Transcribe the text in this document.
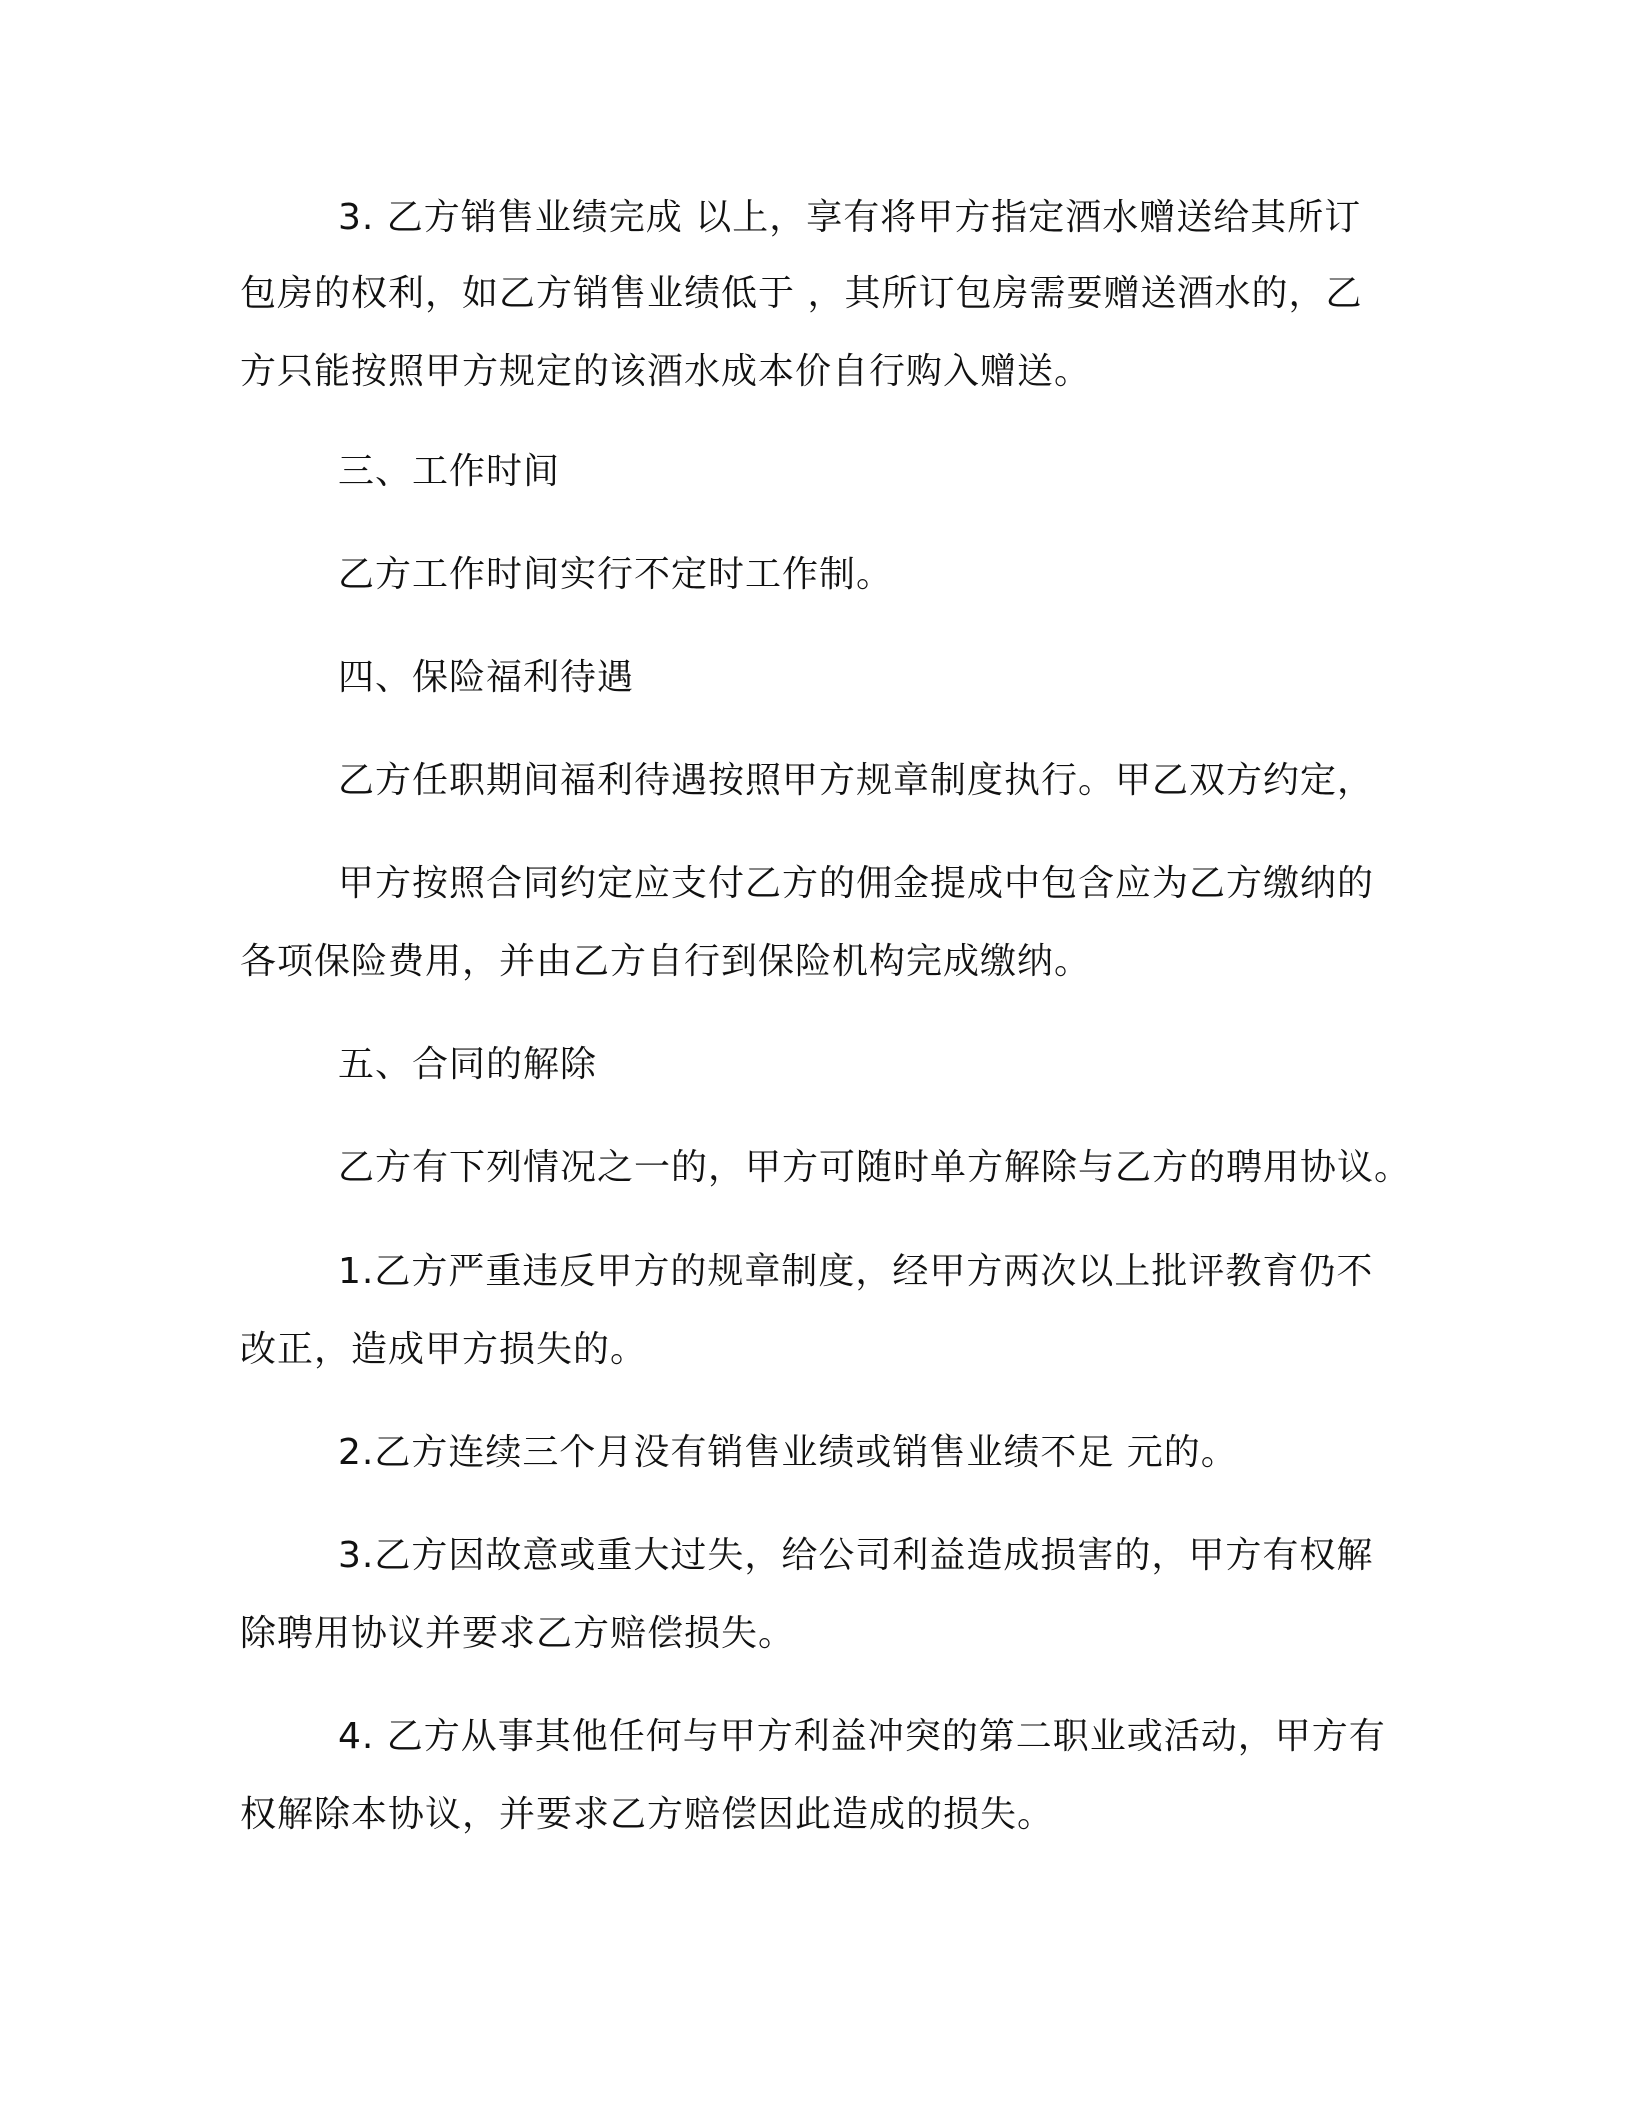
3. 乙方销售业绩完成 以上，享有将甲方指定酒水赠送给其所订
包房的权利，如乙方销售业绩低于 ，其所订包房需要赠送酒水的，乙
方只能按照甲方规定的该酒水成本价自行购入赠送。
三、工作时间
乙方工作时间实行不定时工作制。
四、保险福利待遇
乙方任职期间福利待遇按照甲方规章制度执行。甲乙双方约定，
甲方按照合同约定应支付乙方的佣金提成中包含应为乙方缴纳的
各项保险费用，并由乙方自行到保险机构完成缴纳。
五、合同的解除
乙方有下列情况之一的，甲方可随时单方解除与乙方的聘用协议。
1.乙方严重违反甲方的规章制度，经甲方两次以上批评教育仍不
改正，造成甲方损失的。
2.乙方连续三个月没有销售业绩或销售业绩不足 元的。
3.乙方因故意或重大过失，给公司利益造成损害的，甲方有权解
除聘用协议并要求乙方赔偿损失。
4. 乙方从事其他任何与甲方利益冲突的第二职业或活动，甲方有
权解除本协议，并要求乙方赔偿因此造成的损失。
